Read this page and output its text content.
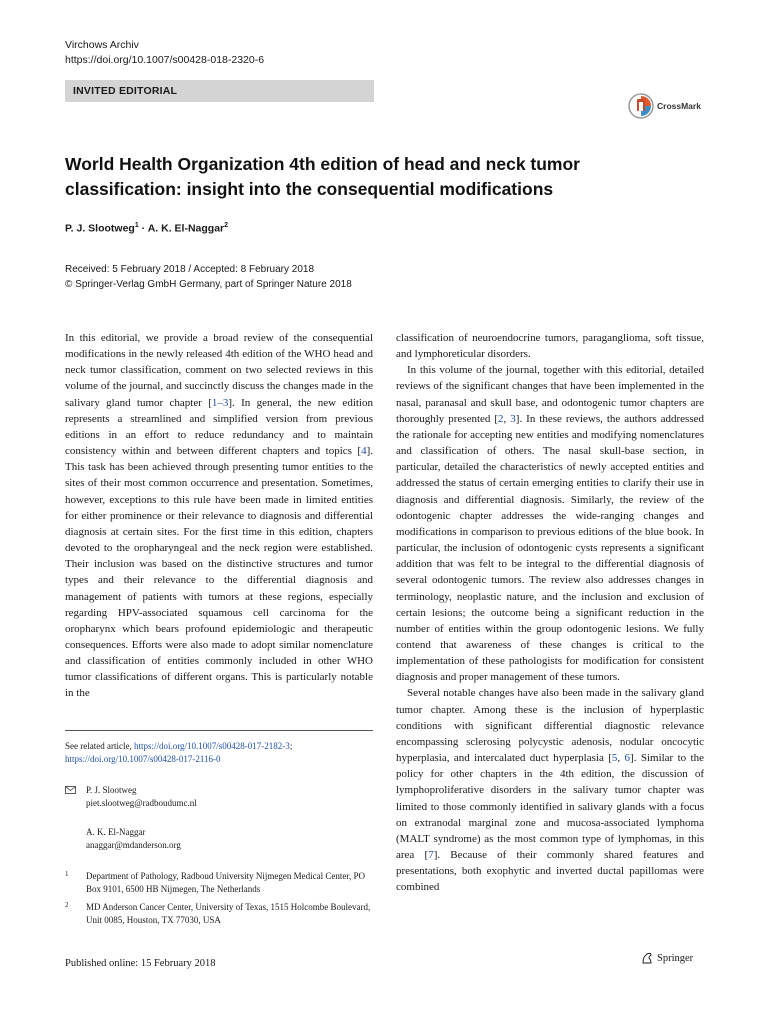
Virchows Archiv
https://doi.org/10.1007/s00428-018-2320-6
INVITED EDITORIAL
CrossMark
World Health Organization 4th edition of head and neck tumor classification: insight into the consequential modifications
P. J. Slootweg$^1$ · A. K. El-Naggar$^2$
Received: 5 February 2018 / Accepted: 8 February 2018
© Springer-Verlag GmbH Germany, part of Springer Nature 2018

In this editorial, we provide a broad review of the consequential modifications in the newly released 4th edition of the WHO head and neck tumor classification, comment on two selected reviews in this volume of the journal, and succinctly discuss the changes made in the salivary gland tumor chapter [1–3]. In general, the new edition represents a streamlined and simplified version from previous editions in an effort to reduce redundancy and to maintain consistency within and between different chapters and topics [4]. This task has been achieved through presenting tumor entities to the sites of their most common occurrence and presentation. Sometimes, however, exceptions to this rule have been made in limited entities for either prominence or their relevance to diagnosis and differential diagnosis at certain sites. For the first time in this edition, chapters devoted to the oropharyngeal and the neck region were established. Their inclusion was based on the distinctive structures and tumor types and their relevance to the differential diagnosis and management of patients with tumors at these regions, especially regarding HPV-associated squamous cell carcinoma for the oropharynx which bears profound epidemiologic and therapeutic consequences. Efforts were also made to adopt similar nomenclature and classification of entities commonly included in other WHO tumor classifications of different organs. This is particularly notable in the

See related article, https://doi.org/10.1007/s00428-017-2182-3; https://doi.org/10.1007/s00428-017-2116-0
P. J. Slootweg
piet.slootweg@radboudumc.nl
A. K. El-Naggar
anaggar@mdanderson.org
1 Department of Pathology, Radboud University Nijmegen Medical Center, PO Box 9101, 6500 HB Nijmegen, The Netherlands
2 MD Anderson Cancer Center, University of Texas, 1515 Holcombe Boulevard, Unit 0085, Houston, TX 77030, USA

classification of neuroendocrine tumors, paraganglioma, soft tissue, and lymphoreticular disorders.

In this volume of the journal, together with this editorial, detailed reviews of the significant changes that have been implemented in the nasal, paranasal and skull base, and odontogenic tumor chapters are thoroughly presented [2, 3]. In these reviews, the authors addressed the rationale for accepting new entities and modifying nomenclatures and classification of others. The nasal skull-base section, in particular, detailed the characteristics of newly accepted entities and addressed the status of certain emerging entities to clarify their use in diagnosis and differential diagnosis. Similarly, the review of the odontogenic chapter addresses the wide-ranging changes and modifications in comparison to previous editions of the blue book. In particular, the inclusion of odontogenic cysts represents a significant addition that was felt to be integral to the differential diagnosis of several odontogenic tumors. The review also addresses changes in terminology, neoplastic nature, and the inclusion and exclusion of certain lesions; the outcome being a significant reduction in the number of entities within the group odontogenic lesions. We fully contend that awareness of these changes is critical to the implementation of these pathologists for modification for consistent diagnosis and proper management of these tumors.

Several notable changes have also been made in the salivary gland tumor chapter. Among these is the inclusion of hyperplastic conditions with significant differential diagnostic relevance encompassing sclerosing polycystic adenosis, nodular oncocytic hyperplasia, and intercalated duct hyperplasia [5, 6]. Similar to the policy for other chapters in the 4th edition, the discussion of lymphoproliferative disorders in the salivary tumor chapter was limited to those commonly identified in salivary glands with a focus on extranodal marginal zone and mucosa-associated lymphoma (MALT syndrome) as the most common type of lymphomas, in this area [7]. Because of their commonly shared features and presentations, both exophytic and inverted ductal papillomas were combined

Published online: 15 February 2018	Springer
